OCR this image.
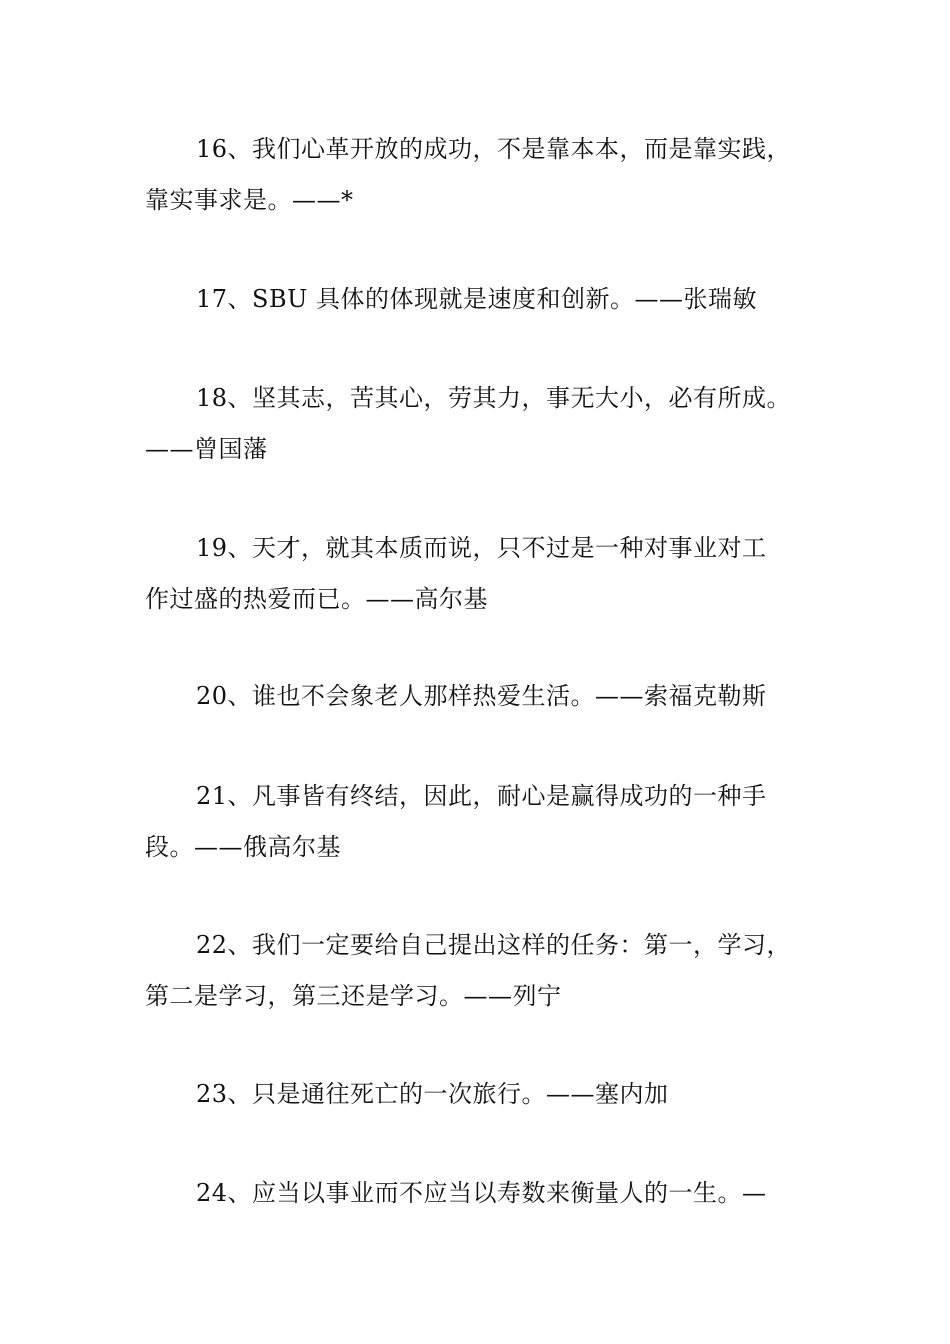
16、我们心革开放的成功，不是靠本本，而是靠实践，
靠实事求是。——*
17、SBU 具体的体现就是速度和创新。——张瑞敏
18、坚其志，苦其心，劳其力，事无大小，必有所成。
——曾国藩
19、天才，就其本质而说，只不过是一种对事业对工
作过盛的热爱而已。——高尔基
20、谁也不会象老人那样热爱生活。——索福克勒斯
21、凡事皆有终结，因此，耐心是赢得成功的一种手
段。——俄高尔基
22、我们一定要给自己提出这样的任务：第一，学习，
第二是学习，第三还是学习。——列宁
23、只是通往死亡的一次旅行。——塞内加
24、应当以事业而不应当以寿数来衡量人的一生。—
